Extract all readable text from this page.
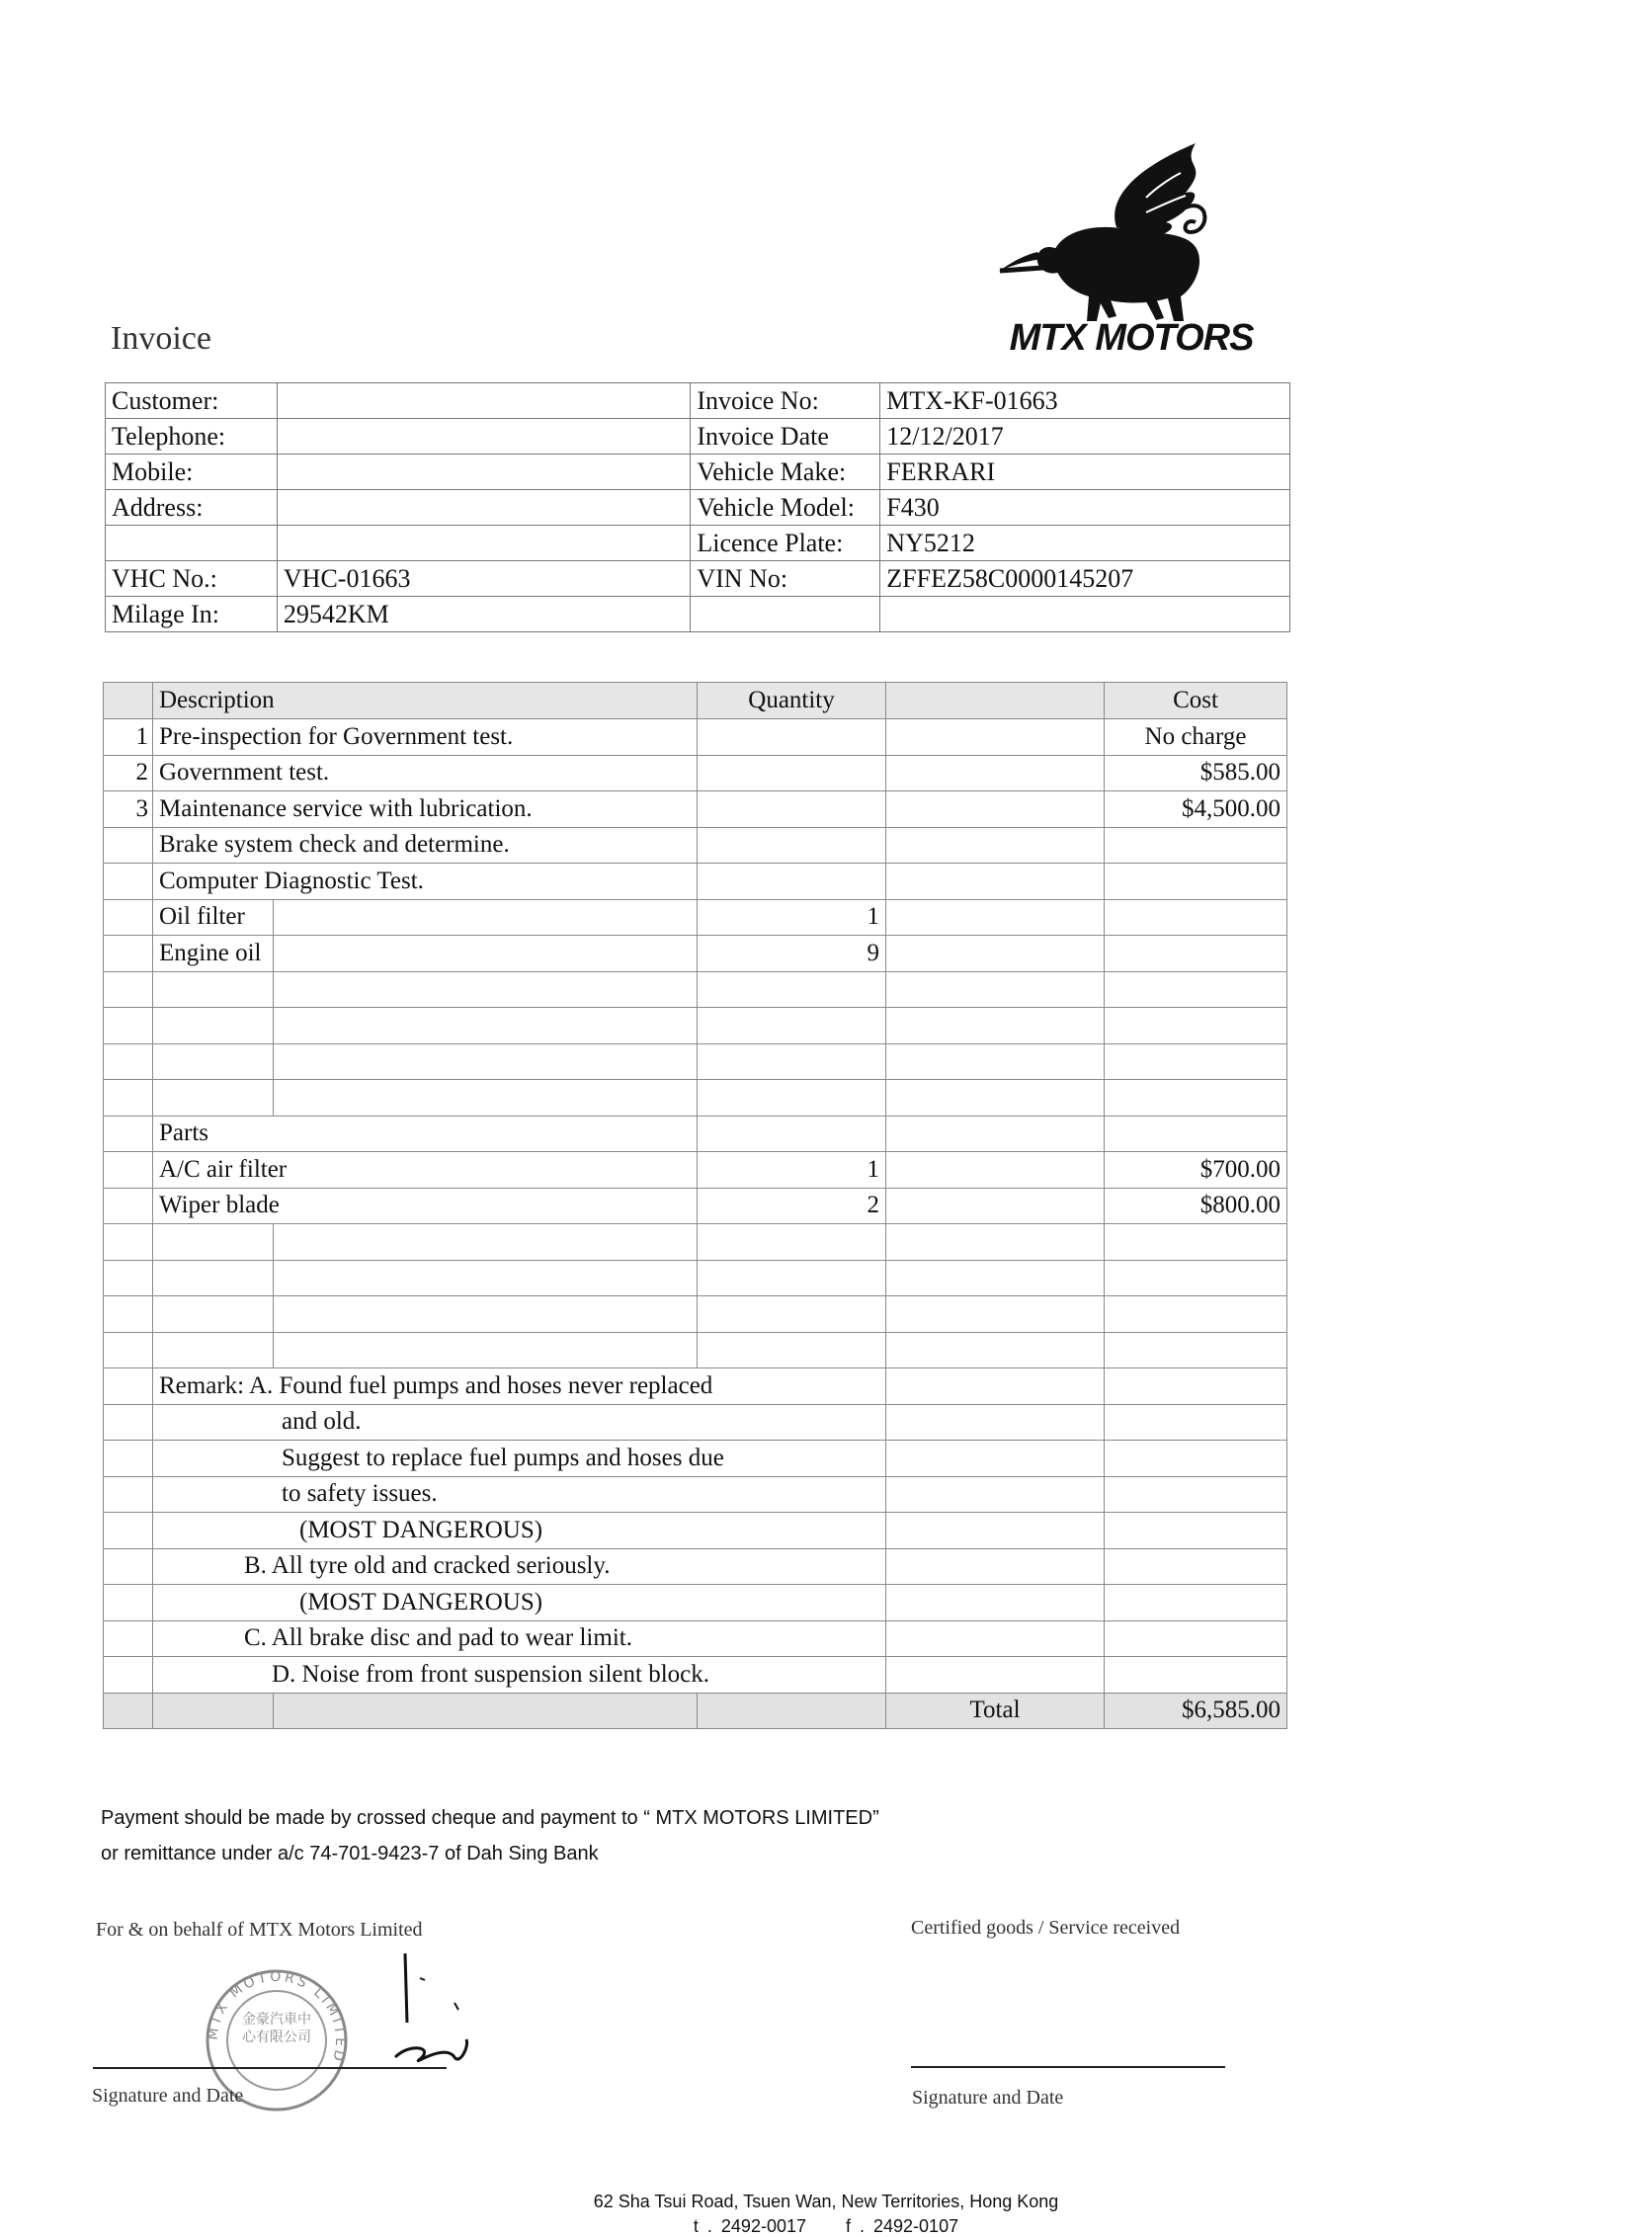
Invoice	MTX MOTORS
Customer:		Invoice No:	MTX-KF-01663
Telephone:		Invoice Date	12/12/2017
Mobile:		Vehicle Make:	FERRARI
Address:		Vehicle Model:	F430
		Licence Plate:	NY5212
VHC No.:	VHC-01663	VIN No:	ZFFEZ58C0000145207
Milage In:	29542KM		
	Description		Quantity		Cost
1	Pre-inspection for Government test.				No charge
2	Government test.				$585.00
3	Maintenance service with lubrication.				$4,500.00
	Brake system check and determine.				
	Computer Diagnostic Test.				
	Oil filter		1		
	Engine oil		9		

	Parts				
	A/C air filter		1		$700.00
	Wiper blade		2		$800.00

	Remark: A. Found fuel pumps and hoses never replaced				
	and old.				
	Suggest to replace fuel pumps and hoses due				
	to safety issues.				
	(MOST DANGEROUS)				
	B. All tyre old and cracked seriously.				
	(MOST DANGEROUS)				
	C. All brake disc and pad to wear limit.				
	D. Noise from front suspension silent block.				
				Total	$6,585.00
Payment should be made by crossed cheque and payment to “ MTX MOTORS LIMITED”
or remittance under a/c 74-701-9423-7 of Dah Sing Bank
For & on behalf of MTX Motors Limited	Certified goods / Service received
MTX MOTORS LIMITED
金豪汽車中心有限公司
Signature and Date	Signature and Date
62 Sha Tsui Road, Tsuen Wan, New Territories, Hong Kong
t . 2492-0017 f . 2492-0107
